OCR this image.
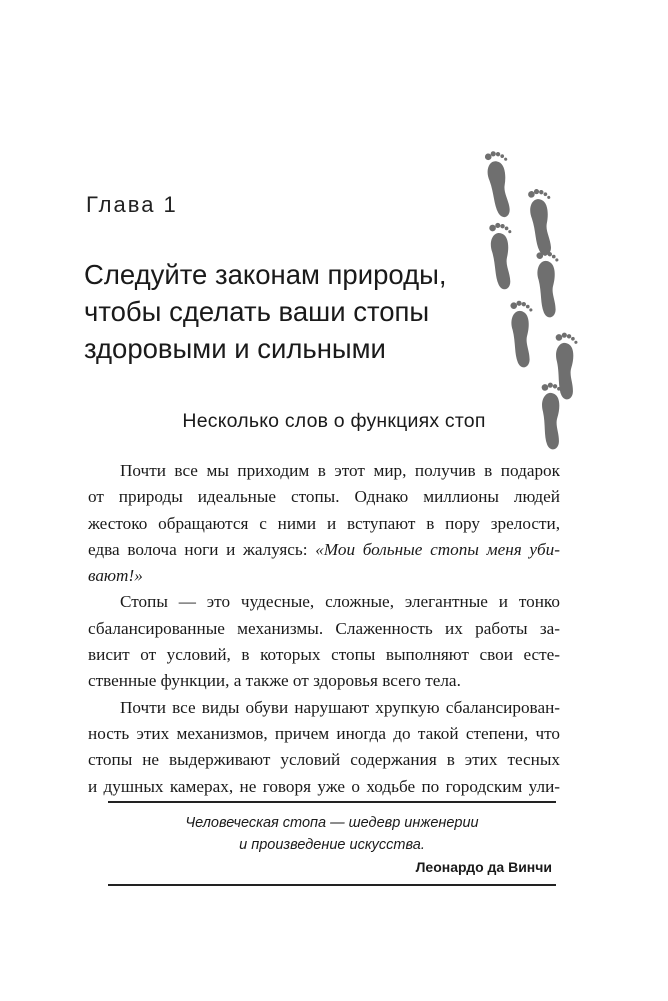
Глава 1
Следуйте законам природы,
чтобы сделать ваши стопы
здоровыми и сильными
Несколько слов о функциях стоп
Почти все мы приходим в этот мир, получив в подарок
от природы идеальные стопы. Однако миллионы людей
жестоко обращаются с ними и вступают в пору зрелости,
едва волоча ноги и жалуясь: «Мои больные стопы меня уби-
вают!»
Стопы — это чудесные, сложные, элегантные и тонко
сбалансированные механизмы. Слаженность их работы за-
висит от условий, в которых стопы выполняют свои есте-
ственные функции, а также от здоровья всего тела.
Почти все виды обуви нарушают хрупкую сбалансирован-
ность этих механизмов, причем иногда до такой степени, что
стопы не выдерживают условий содержания в этих тесных
и душных камерах, не говоря уже о ходьбе по городским ули-
Человеческая стопа — шедевр инженерии
и произведение искусства.
Леонардо да Винчи
